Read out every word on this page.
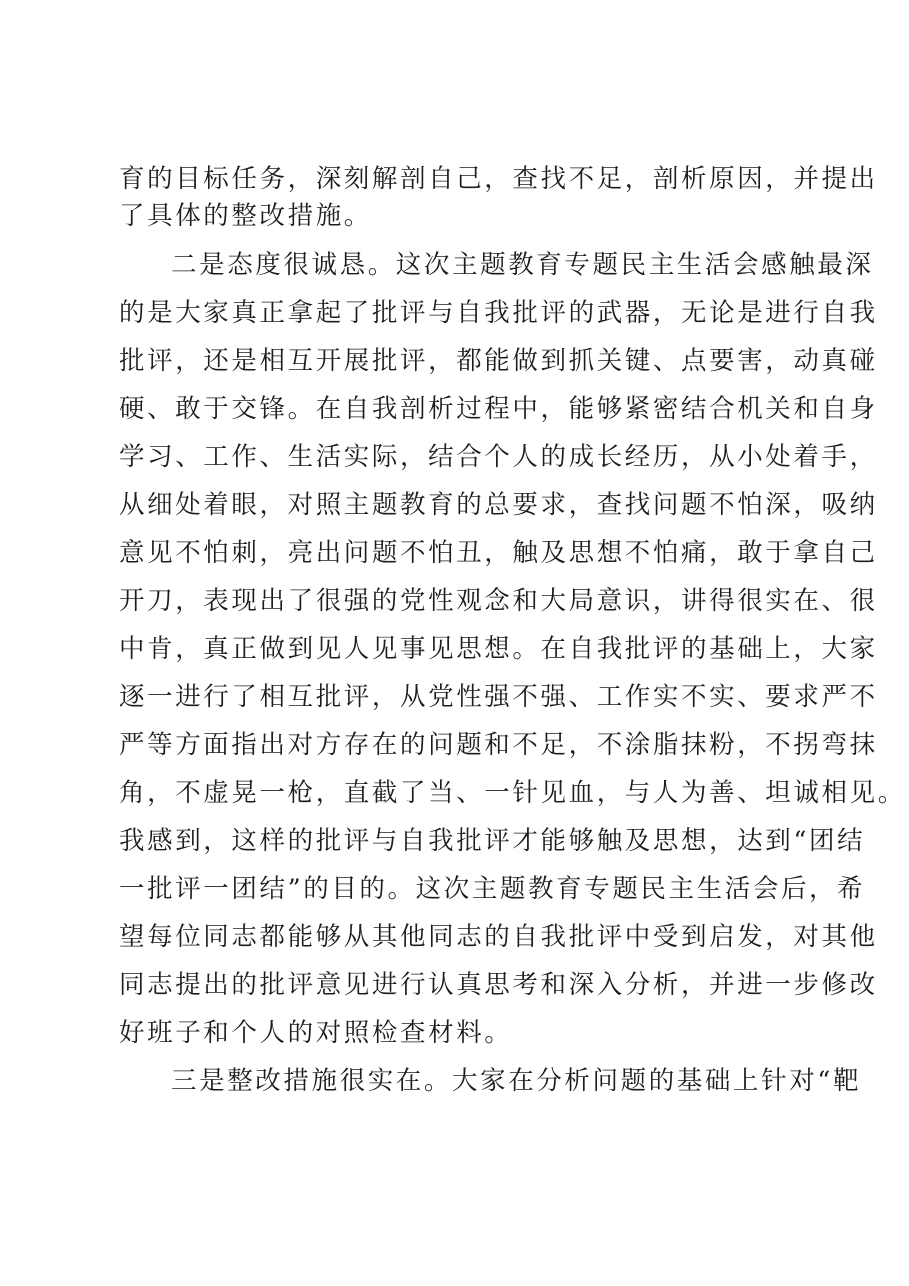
育的目标任务，深刻解剖自己，查找不足，剖析原因，并提出

了具体的整改措施。

二是态度很诚恳。这次主题教育专题民主生活会感触最深

的是大家真正拿起了批评与自我批评的武器，无论是进行自我

批评，还是相互开展批评，都能做到抓关键、点要害，动真碰

硬、敢于交锋。在自我剖析过程中，能够紧密结合机关和自身

学习、工作、生活实际，结合个人的成长经历，从小处着手，

从细处着眼，对照主题教育的总要求，查找问题不怕深，吸纳

意见不怕刺，亮出问题不怕丑，触及思想不怕痛，敢于拿自己

开刀，表现出了很强的党性观念和大局意识，讲得很实在、很

中肯，真正做到见人见事见思想。在自我批评的基础上，大家

逐一进行了相互批评，从党性强不强、工作实不实、要求严不

严等方面指出对方存在的问题和不足，不涂脂抹粉，不拐弯抹

角，不虚晃一枪，直截了当、一针见血，与人为善、坦诚相见。

我感到，这样的批评与自我批评才能够触及思想，达到“团结

一批评一团结”的目的。这次主题教育专题民主生活会后，希

望每位同志都能够从其他同志的自我批评中受到启发，对其他

同志提出的批评意见进行认真思考和深入分析，并进一步修改

好班子和个人的对照检查材料。

三是整改措施很实在。大家在分析问题的基础上针对“靶
